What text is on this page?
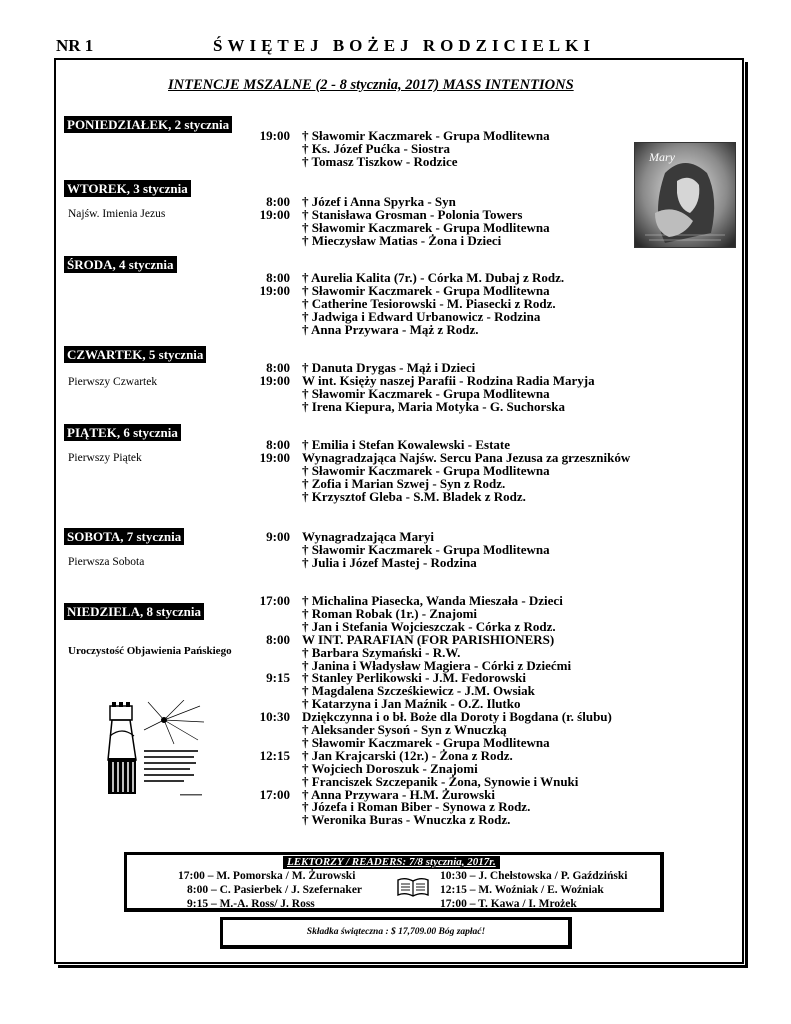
NR 1	ŚWIĘTEJ BOŻEJ RODZICIELKI
INTENCJE MSZALNE (2 - 8 stycznia, 2017) MASS INTENTIONS
PONIEDZIAŁEK, 2 stycznia
19:00 † Sławomir Kaczmarek - Grupa Modlitewna
† Ks. Józef Pućka - Siostra
† Tomasz Tiszkow - Rodzice
WTOREK, 3 stycznia
Najśw. Imienia Jezus
8:00 † Józef i Anna Spyrka - Syn
19:00 † Stanisława Grosman - Polonia Towers
† Sławomir Kaczmarek - Grupa Modlitewna
† Mieczysław Matias - Żona i Dzieci
ŚRODA, 4 stycznia
8:00 † Aurelia Kalita (7r.) - Córka M. Dubaj z Rodz.
19:00 † Sławomir Kaczmarek - Grupa Modlitewna
† Catherine Tesiorowski - M. Piasecki z Rodz.
† Jadwiga i Edward Urbanowicz - Rodzina
† Anna Przywara - Mąż z Rodz.
CZWARTEK, 5 stycznia
Pierwszy Czwartek
8:00 † Danuta Drygas - Mąż i Dzieci
19:00 W int. Księży naszej Parafii - Rodzina Radia Maryja
† Sławomir Kaczmarek - Grupa Modlitewna
† Irena Kiepura, Maria Motyka - G. Suchorska
PIĄTEK, 6 stycznia
Pierwszy Piątek
8:00 † Emilia i Stefan Kowalewski - Estate
19:00 Wynagradzająca Najśw. Sercu Pana Jezusa za grzeszników
† Sławomir Kaczmarek - Grupa Modlitewna
† Zofia i Marian Szwej - Syn z Rodz.
† Krzysztof Gleba - S.M. Bladek z Rodz.
SOBOTA, 7 stycznia
Pierwsza Sobota
9:00 Wynagradzająca Maryi
† Sławomir Kaczmarek - Grupa Modlitewna
† Julia i Józef Mastej - Rodzina
NIEDZIELA, 8 stycznia
Uroczystość Objawienia Pańskiego
17:00 † Michalina Piasecka, Wanda Mieszała - Dzieci
† Roman Robak (1r.) - Znajomi
† Jan i Stefania Wojcieszczak - Córka z Rodz.
8:00 W INT. PARAFIAN (FOR PARISHIONERS)
† Barbara Szymański - R.W.
† Janina i Władysław Magiera - Córki z Dziećmi
9:15 † Stanley Perlikowski - J.M. Fedorowski
† Magdalena Szcześkiewicz - J.M. Owsiak
† Katarzyna i Jan Maźnik - O.Z. Ilutko
10:30 Dziękczynna i o bł. Boże dla Doroty i Bogdana (r. ślubu)
† Aleksander Sysoń - Syn z Wnuczką
† Sławomir Kaczmarek - Grupa Modlitewna
12:15 † Jan Krajcarski (12r.) - Żona z Rodz.
† Wojciech Doroszuk - Znajomi
† Franciszek Szczepanik - Żona, Synowie i Wnuki
17:00 † Anna Przywara - H.M. Żurowski
† Józefa i Roman Biber - Synowa z Rodz.
† Weronika Buras - Wnuczka z Rodz.
Mary
LEKTORZY / READERS: 7/8 stycznia, 2017r.
17:00 – M. Pomorska / M. Żurowski
8:00 – C. Pasierbek / J. Szefernaker
9:15 – M.-A. Ross/ J. Ross
10:30 – J. Chełstowska / P. Gaździński
12:15 – M. Woźniak / E. Woźniak
17:00 – T. Kawa / I. Mrożek
Składka świąteczna : $ 17,709.00 Bóg zapłać!
